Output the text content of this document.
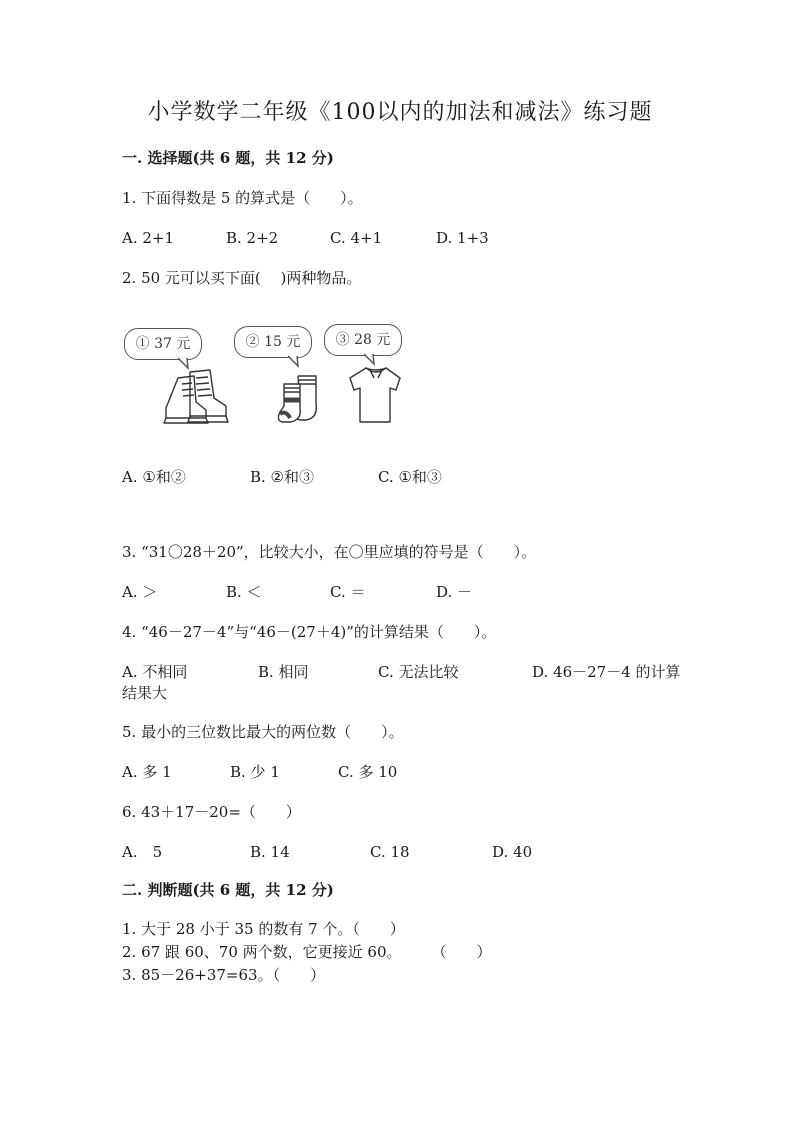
小学数学二年级《100以内的加法和减法》练习题
一. 选择题(共 6 题，共 12 分)
1. 下面得数是 5 的算式是（　　）。
A. 2+1	B. 2+2	C. 4+1	D. 1+3
2. 50 元可以买下面(　 )两种物品。
① 37 元	② 15 元	③ 28 元
A. ①和②	B. ②和③	C. ①和③
3. “31〇28＋20”，比较大小，在〇里应填的符号是（　　）。
A. ＞	B. ＜	C. ＝	D. －
4. “46－27－4”与“46－(27＋4)”的计算结果（　　）。
A. 不相同	B. 相同	C. 无法比较	D. 46－27－4 的计算
结果大
5. 最小的三位数比最大的两位数（　　）。
A. 多 1	B. 少 1	C. 多 10
6. 43＋17－20=（　　）
A.　5	B. 14	C. 18	D. 40
二. 判断题(共 6 题，共 12 分)
1. 大于 28 小于 35 的数有 7 个。（　　）
2. 67 跟 60、70 两个数，它更接近 60。　　　（　　）
3. 85－26+37=63。（　　）
